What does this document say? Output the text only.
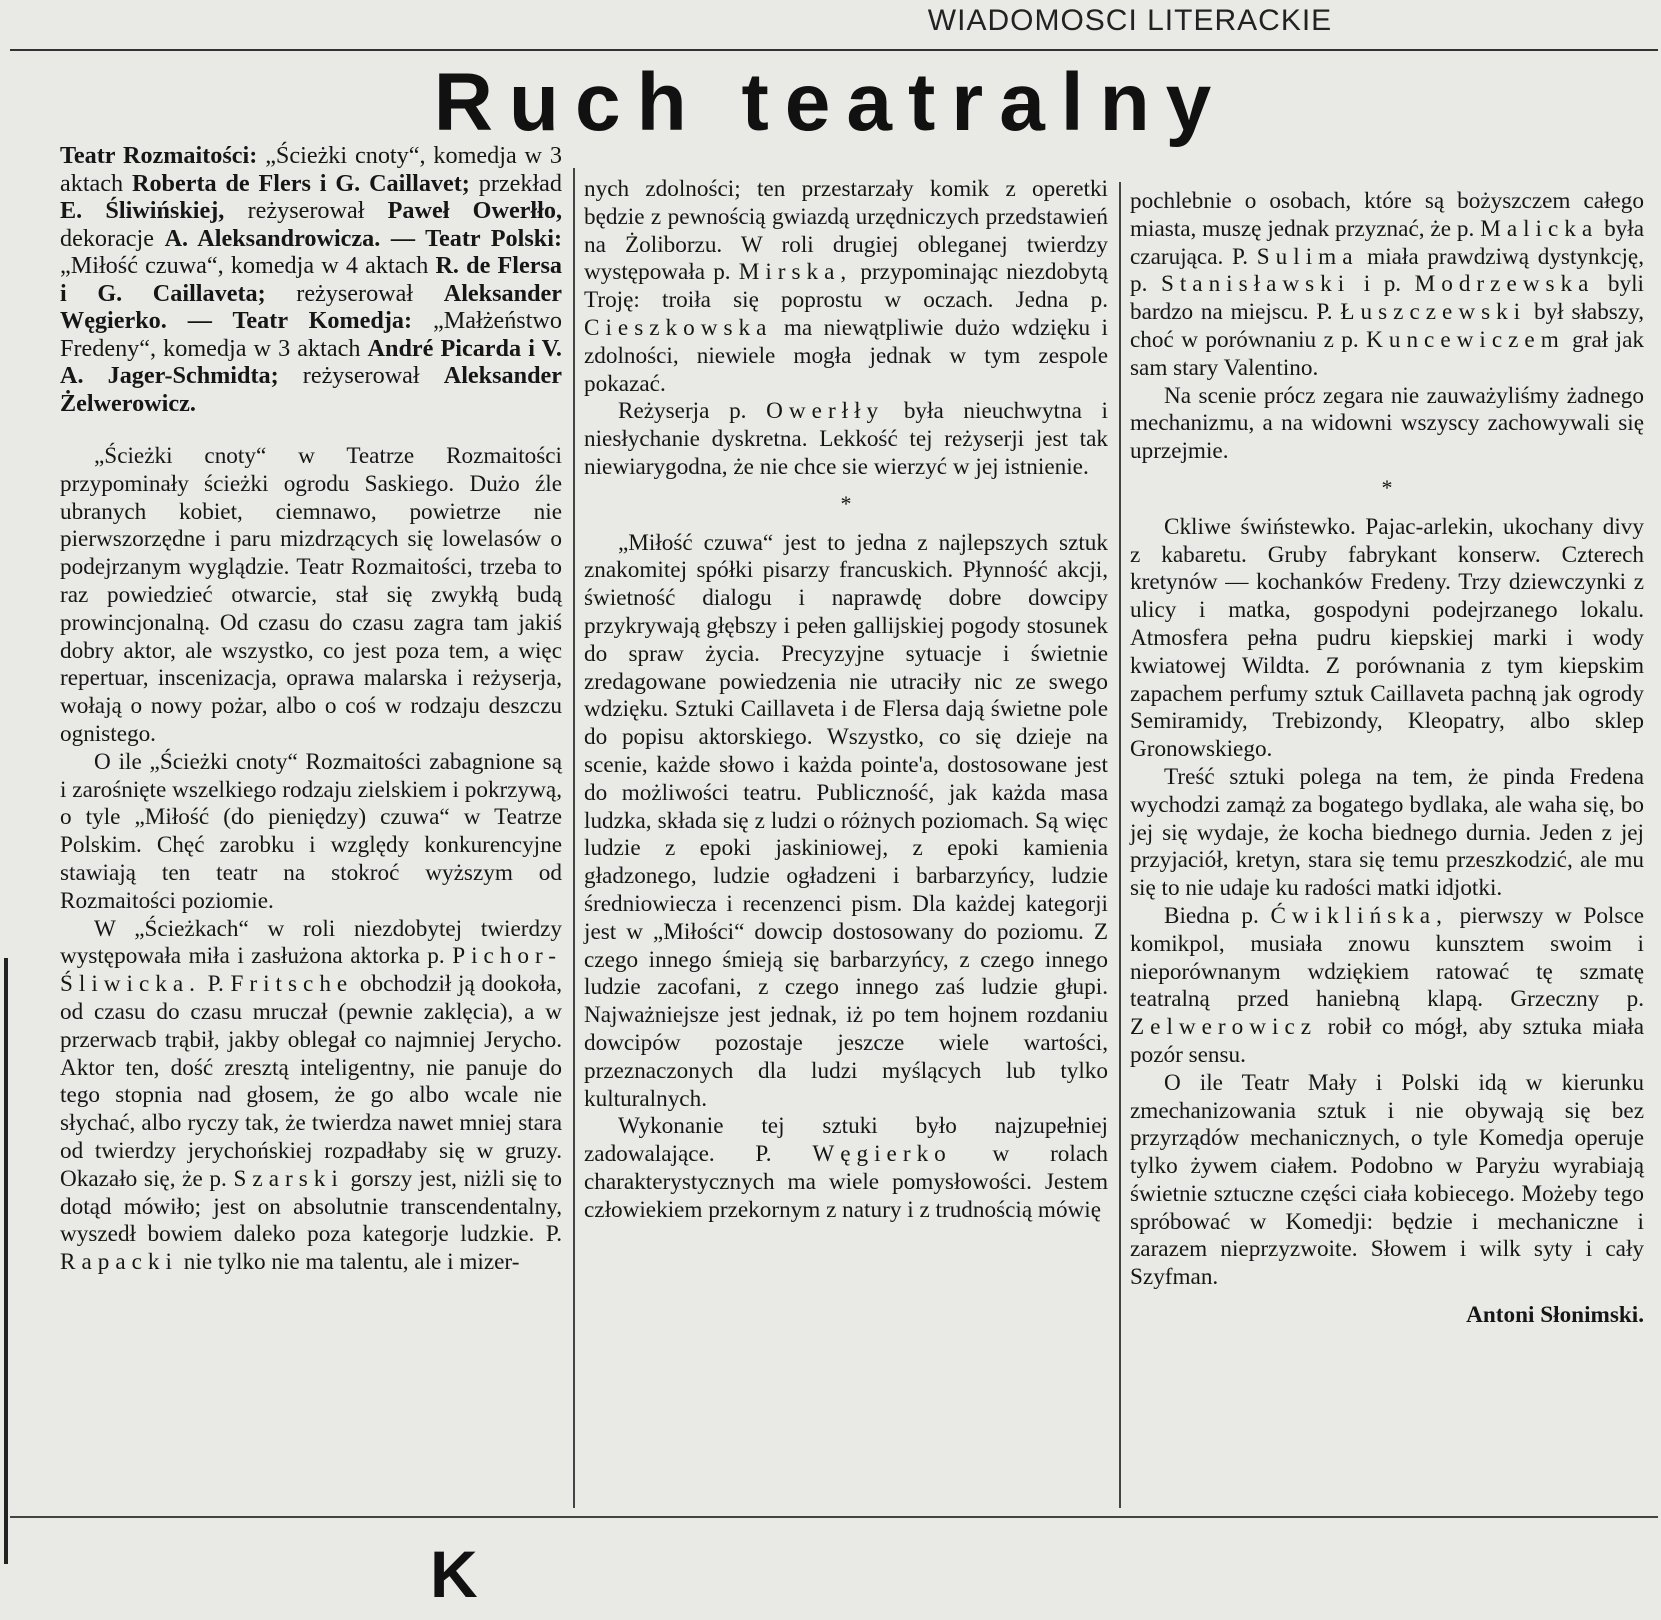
WIADOMOSCI LITERACKIE
Ruch teatralny

Teatr Rozmaitości: „Ścieżki cnoty“, komedja w 3 aktach Roberta de Flers i G. Caillavet; przekład E. Śliwińskiej, reżyserował Paweł Owerłło, dekoracje A. Aleksandrowicza. — Teatr Polski: „Miłość czuwa“, komedja w 4 aktach R. de Flersa i G. Caillaveta; reżyserował Aleksander Węgierko. — Teatr Komedja: „Małżeństwo Fredeny“, komedja w 3 aktach André Picarda i V. A. Jager-Schmidta; reżyserował Aleksander Żelwerowicz.

„Ścieżki cnoty“ w Teatrze Rozmaitości przypominały ścieżki ogrodu Saskiego. Dużo źle ubranych kobiet, ciemnawo, powietrze nie pierwszorzędne i paru mizdrzących się lowelasów o podejrzanym wyglądzie. Teatr Rozmaitości, trzeba to raz powiedzieć otwarcie, stał się zwykłą budą prowincjonalną. Od czasu do czasu zagra tam jakiś dobry aktor, ale wszystko, co jest poza tem, a więc repertuar, inscenizacja, oprawa malarska i reżyserja, wołają o nowy pożar, albo o coś w rodzaju deszczu ognistego.

O ile „Ścieżki cnoty“ Rozmaitości zabagnione są i zarośnięte wszelkiego rodzaju zielskiem i pokrzywą, o tyle „Miłość (do pieniędzy) czuwa“ w Teatrze Polskim. Chęć zarobku i względy konkurencyjne stawiają ten teatr na stokroć wyższym od Rozmaitości poziomie.

W „Ścieżkach“ w roli niezdobytej twierdzy występowała miła i zasłużona aktorka p. Pichor-Śliwicka. P. Fritsche obchodził ją dookoła, od czasu do czasu mruczał (pewnie zaklęcia), a w przerwacb trąbił, jakby oblegał co najmniej Jerycho. Aktor ten, dość zresztą inteligentny, nie panuje do tego stopnia nad głosem, że go albo wcale nie słychać, albo ryczy tak, że twierdza nawet mniej stara od twierdzy jerychońskiej rozpadłaby się w gruzy. Okazało się, że p. Szarski gorszy jest, niżli się to dotąd mówiło; jest on absolutnie transcendentalny, wyszedł bowiem daleko poza kategorje ludzkie. P. Rapacki nie tylko nie ma talentu, ale i mizer-

nych zdolności; ten przestarzały komik z operetki będzie z pewnością gwiazdą urzędniczych przedstawień na Żoliborzu. W roli drugiej obleganej twierdzy występowała p. Mirska, przypominając niezdobytą Troję: troiła się poprostu w oczach. Jedna p. Cieszkowska ma niewątpliwie dużo wdzięku i zdolności, niewiele mogła jednak w tym zespole pokazać.

Reżyserja p. Owerłły była nieuchwytna i niesłychanie dyskretna. Lekkość tej reżyserji jest tak niewiarygodna, że nie chce sie wierzyć w jej istnienie.

*

„Miłość czuwa“ jest to jedna z najlepszych sztuk znakomitej spółki pisarzy francuskich. Płynność akcji, świetność dialogu i naprawdę dobre dowcipy przykrywają głębszy i pełen gallijskiej pogody stosunek do spraw życia. Precyzyjne sytuacje i świetnie zredagowane powiedzenia nie utraciły nic ze swego wdzięku. Sztuki Caillaveta i de Flersa dają świetne pole do popisu aktorskiego. Wszystko, co się dzieje na scenie, każde słowo i każda pointe'a, dostosowane jest do możliwości teatru. Publiczność, jak każda masa ludzka, składa się z ludzi o różnych poziomach. Są więc ludzie z epoki jaskiniowej, z epoki kamienia gładzonego, ludzie ogładzeni i barbarzyńcy, ludzie średniowiecza i recenzenci pism. Dla każdej kategorji jest w „Miłości“ dowcip dostosowany do poziomu. Z czego innego śmieją się barbarzyńcy, z czego innego ludzie zacofani, z czego innego zaś ludzie głupi. Najważniejsze jest jednak, iż po tem hojnem rozdaniu dowcipów pozostaje jeszcze wiele wartości, przeznaczonych dla ludzi myślących lub tylko kulturalnych.

Wykonanie tej sztuki było najzupełniej zadowalające. P. Węgierko w rolach charakterystycznych ma wiele pomysłowości. Jestem człowiekiem przekornym z natury i z trudnością mówię

pochlebnie o osobach, które są bożyszczem całego miasta, muszę jednak przyznać, że p. Malicka była czarująca. P. Sulima miała prawdziwą dystynkcję, p. Stanisławski i p. Modrzewska byli bardzo na miejscu. P. Łuszczewski był słabszy, choć w porównaniu z p. Kuncewiczem grał jak sam stary Valentino.

Na scenie prócz zegara nie zauważyliśmy żadnego mechanizmu, a na widowni wszyscy zachowywali się uprzejmie.

*

Ckliwe świństewko. Pajac-arlekin, ukochany divy z kabaretu. Gruby fabrykant konserw. Czterech kretynów — kochanków Fredeny. Trzy dziewczynki z ulicy i matka, gospodyni podejrzanego lokalu. Atmosfera pełna pudru kiepskiej marki i wody kwiatowej Wildta. Z porównania z tym kiepskim zapachem perfumy sztuk Caillaveta pachną jak ogrody Semiramidy, Trebizondy, Kleopatry, albo sklep Gronowskiego.

Treść sztuki polega na tem, że pinda Fredena wychodzi zamąż za bogatego bydlaka, ale waha się, bo jej się wydaje, że kocha biednego durnia. Jeden z jej przyjaciół, kretyn, stara się temu przeszkodzić, ale mu się to nie udaje ku radości matki idjotki.

Biedna p. Ćwiklińska, pierwszy w Polsce komikpol, musiała znowu kunsztem swoim i nieporównanym wdziękiem ratować tę szmatę teatralną przed haniebną klapą. Grzeczny p. Zelwerowicz robił co mógł, aby sztuka miała pozór sensu.

O ile Teatr Mały i Polski idą w kierunku zmechanizowania sztuk i nie obywają się bez przyrządów mechanicznych, o tyle Komedja operuje tylko żywem ciałem. Podobno w Paryżu wyrabiają świetnie sztuczne części ciała kobiecego. Możeby tego spróbować w Komedji: będzie i mechaniczne i zarazem nieprzyzwoite. Słowem i wilk syty i cały Szyfman.

Antoni Słonimski.

K
